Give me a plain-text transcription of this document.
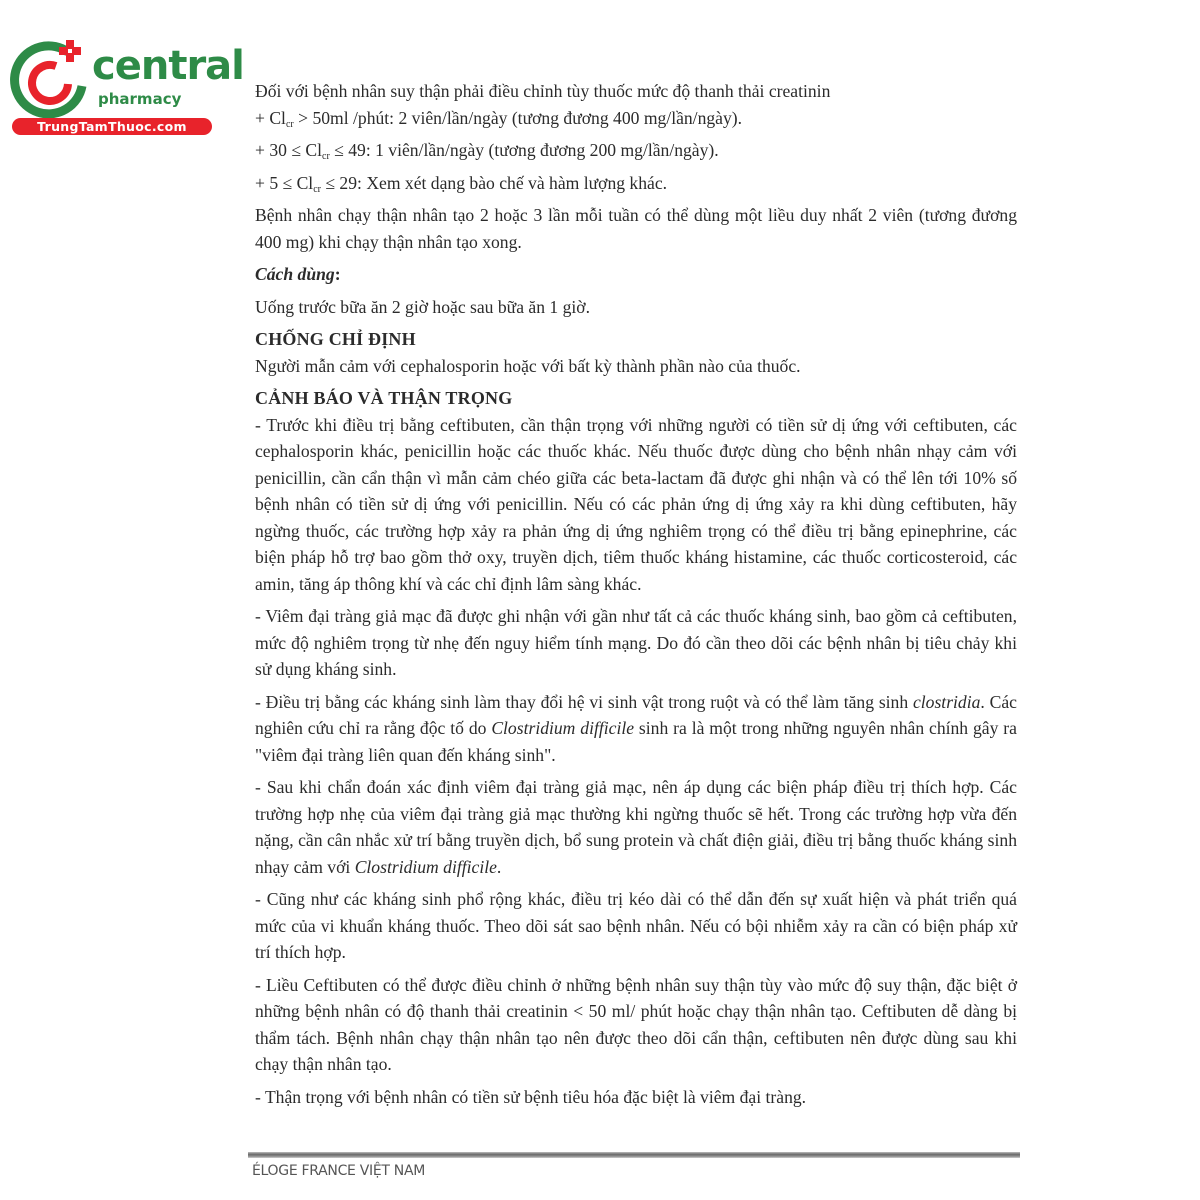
central
pharmacy
TrungTamThuoc.com

Đối với bệnh nhân suy thận phải điều chỉnh tùy thuốc mức độ thanh thải creatinin

+ $Cl_{cr} > 50ml$ /phút: 2 viên/lần/ngày (tương đương 400 mg/lần/ngày).

+ $30 \le Cl_{cr} \le 49$: 1 viên/lần/ngày (tương đương 200 mg/lần/ngày).

+ $5 \le Cl_{cr} \le 29$: Xem xét dạng bào chế và hàm lượng khác.

Bệnh nhân chạy thận nhân tạo 2 hoặc 3 lần mỗi tuần có thể dùng một liều duy nhất 2 viên (tương đương 400 mg) khi chạy thận nhân tạo xong.

Cách dùng:

Uống trước bữa ăn 2 giờ hoặc sau bữa ăn 1 giờ.

CHỐNG CHỈ ĐỊNH

Người mẫn cảm với cephalosporin hoặc với bất kỳ thành phần nào của thuốc.

CẢNH BÁO VÀ THẬN TRỌNG

- Trước khi điều trị bằng ceftibuten, cần thận trọng với những người có tiền sử dị ứng với ceftibuten, các cephalosporin khác, penicillin hoặc các thuốc khác. Nếu thuốc được dùng cho bệnh nhân nhạy cảm với penicillin, cần cẩn thận vì mẫn cảm chéo giữa các beta-lactam đã được ghi nhận và có thể lên tới 10% số bệnh nhân có tiền sử dị ứng với penicillin. Nếu có các phản ứng dị ứng xảy ra khi dùng ceftibuten, hãy ngừng thuốc, các trường hợp xảy ra phản ứng dị ứng nghiêm trọng có thể điều trị bằng epinephrine, các biện pháp hỗ trợ bao gồm thở oxy, truyền dịch, tiêm thuốc kháng histamine, các thuốc corticosteroid, các amin, tăng áp thông khí và các chỉ định lâm sàng khác.

- Viêm đại tràng giả mạc đã được ghi nhận với gần như tất cả các thuốc kháng sinh, bao gồm cả ceftibuten, mức độ nghiêm trọng từ nhẹ đến nguy hiểm tính mạng. Do đó cần theo dõi các bệnh nhân bị tiêu chảy khi sử dụng kháng sinh.

- Điều trị bằng các kháng sinh làm thay đổi hệ vi sinh vật trong ruột và có thể làm tăng sinh clostridia. Các nghiên cứu chỉ ra rằng độc tố do Clostridium difficile sinh ra là một trong những nguyên nhân chính gây ra "viêm đại tràng liên quan đến kháng sinh".

- Sau khi chẩn đoán xác định viêm đại tràng giả mạc, nên áp dụng các biện pháp điều trị thích hợp. Các trường hợp nhẹ của viêm đại tràng giả mạc thường khi ngừng thuốc sẽ hết. Trong các trường hợp vừa đến nặng, cần cân nhắc xử trí bằng truyền dịch, bổ sung protein và chất điện giải, điều trị bằng thuốc kháng sinh nhạy cảm với Clostridium difficile.

- Cũng như các kháng sinh phổ rộng khác, điều trị kéo dài có thể dẫn đến sự xuất hiện và phát triển quá mức của vi khuẩn kháng thuốc. Theo dõi sát sao bệnh nhân. Nếu có bội nhiễm xảy ra cần có biện pháp xử trí thích hợp.

- Liều Ceftibuten có thể được điều chỉnh ở những bệnh nhân suy thận tùy vào mức độ suy thận, đặc biệt ở những bệnh nhân có độ thanh thải creatinin < 50 ml/ phút hoặc chạy thận nhân tạo. Ceftibuten dễ dàng bị thẩm tách. Bệnh nhân chạy thận nhân tạo nên được theo dõi cẩn thận, ceftibuten nên được dùng sau khi chạy thận nhân tạo.

- Thận trọng với bệnh nhân có tiền sử bệnh tiêu hóa đặc biệt là viêm đại tràng.

ÉLOGE FRANCE VIỆT NAM
